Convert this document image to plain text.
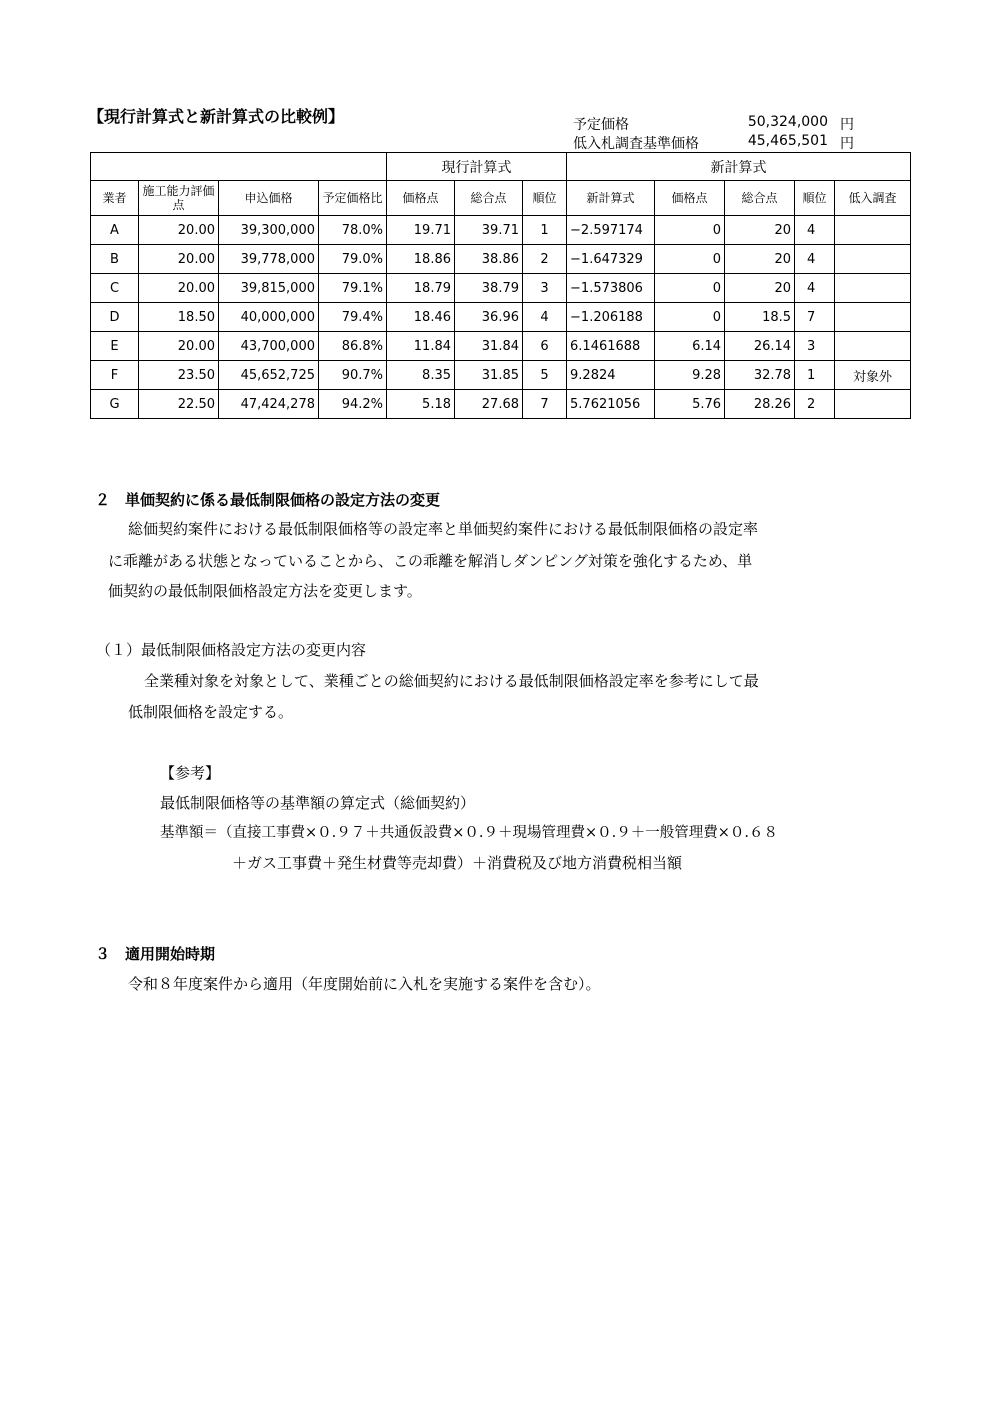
【現行計算式と新計算式の比較例】	予定価格	50,324,000 円
低入札調査基準価格	45,465,501 円
				現行計算式			新計算式				
業者	施工能力評価点	申込価格	予定価格比	価格点	総合点	順位	新計算式	価格点	総合点	順位	低入調査
A	20.00	39,300,000	78.0%	19.71	39.71	1	−2.597174	0	20	4	
B	20.00	39,778,000	79.0%	18.86	38.86	2	−1.647329	0	20	4	
C	20.00	39,815,000	79.1%	18.79	38.79	3	−1.573806	0	20	4	
D	18.50	40,000,000	79.4%	18.46	36.96	4	−1.206188	0	18.5	7	
E	20.00	43,700,000	86.8%	11.84	31.84	6	6.1461688	6.14	26.14	3	
F	23.50	45,652,725	90.7%	8.35	31.85	5	9.2824	9.28	32.78	1	対象外
G	22.50	47,424,278	94.2%	5.18	27.68	7	5.7621056	5.76	28.26	2	
２　単価契約に係る最低制限価格の設定方法の変更
総価契約案件における最低制限価格等の設定率と単価契約案件における最低制限価格の設定率
に乖離がある状態となっていることから、この乖離を解消しダンピング対策を強化するため、単
価契約の最低制限価格設定方法を変更します。
（１）最低制限価格設定方法の変更内容
全業種対象を対象として、業種ごとの総価契約における最低制限価格設定率を参考にして最
低制限価格を設定する。
【参考】
最低制限価格等の基準額の算定式（総価契約）
基準額＝（直接工事費×０.９７＋共通仮設費×０.９＋現場管理費×０.９＋一般管理費×０.６８
＋ガス工事費＋発生材費等売却費）＋消費税及び地方消費税相当額
３　適用開始時期
令和８年度案件から適用（年度開始前に入札を実施する案件を含む）。
